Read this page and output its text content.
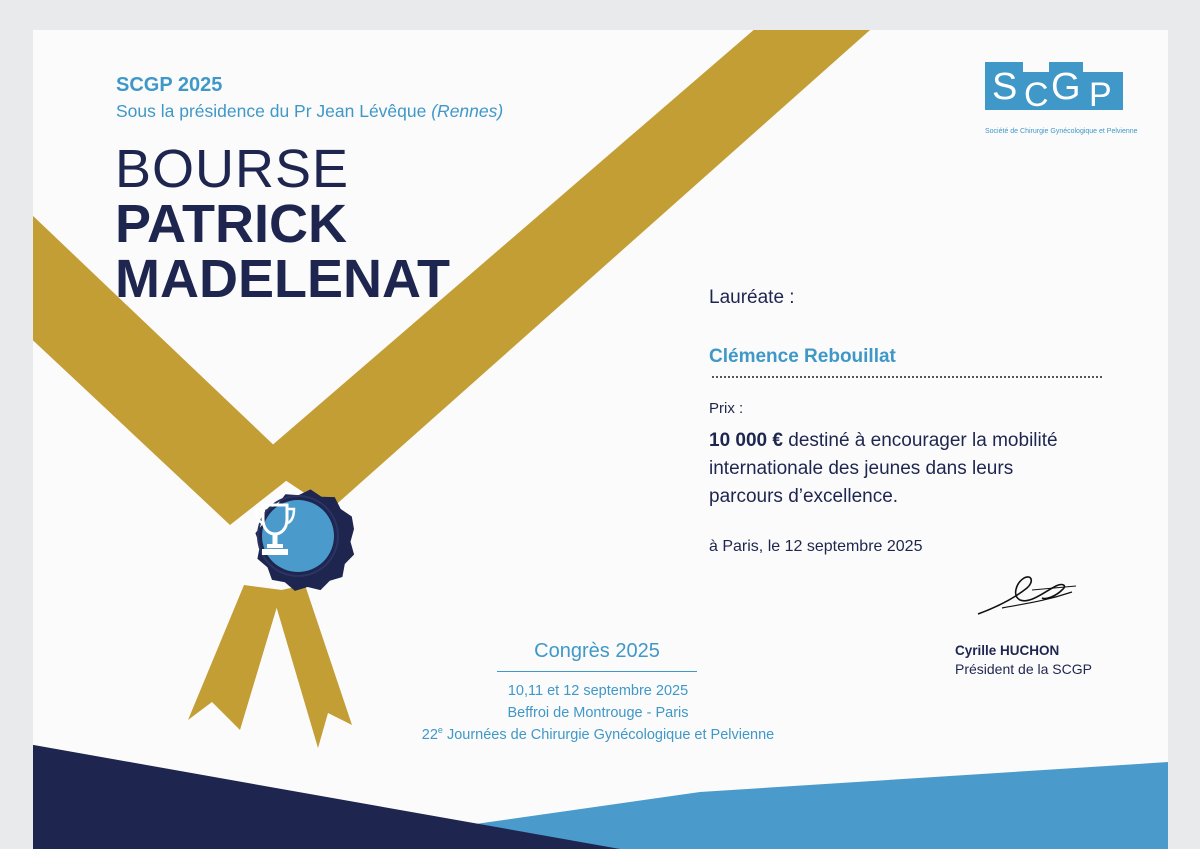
S C G P
Société de Chirurgie Gynécologique et Pelvienne

SCGP 2025

Sous la présidence du Pr Jean Lévêque (Rennes)

BOURSE
PATRICK
MADELENAT	Lauréate :

Clémence Rebouillat

Prix :

10 000 € destiné à encourager la mobilité
internationale des jeunes dans leurs
parcours d’excellence.

à Paris, le 12 septembre 2025

Cyrille HUCHON

Président de la SCGP

Congrès 2025

10,11 et 12 septembre 2025

Beffroi de Montrouge - Paris

22e Journées de Chirurgie Gynécologique et Pelvienne
